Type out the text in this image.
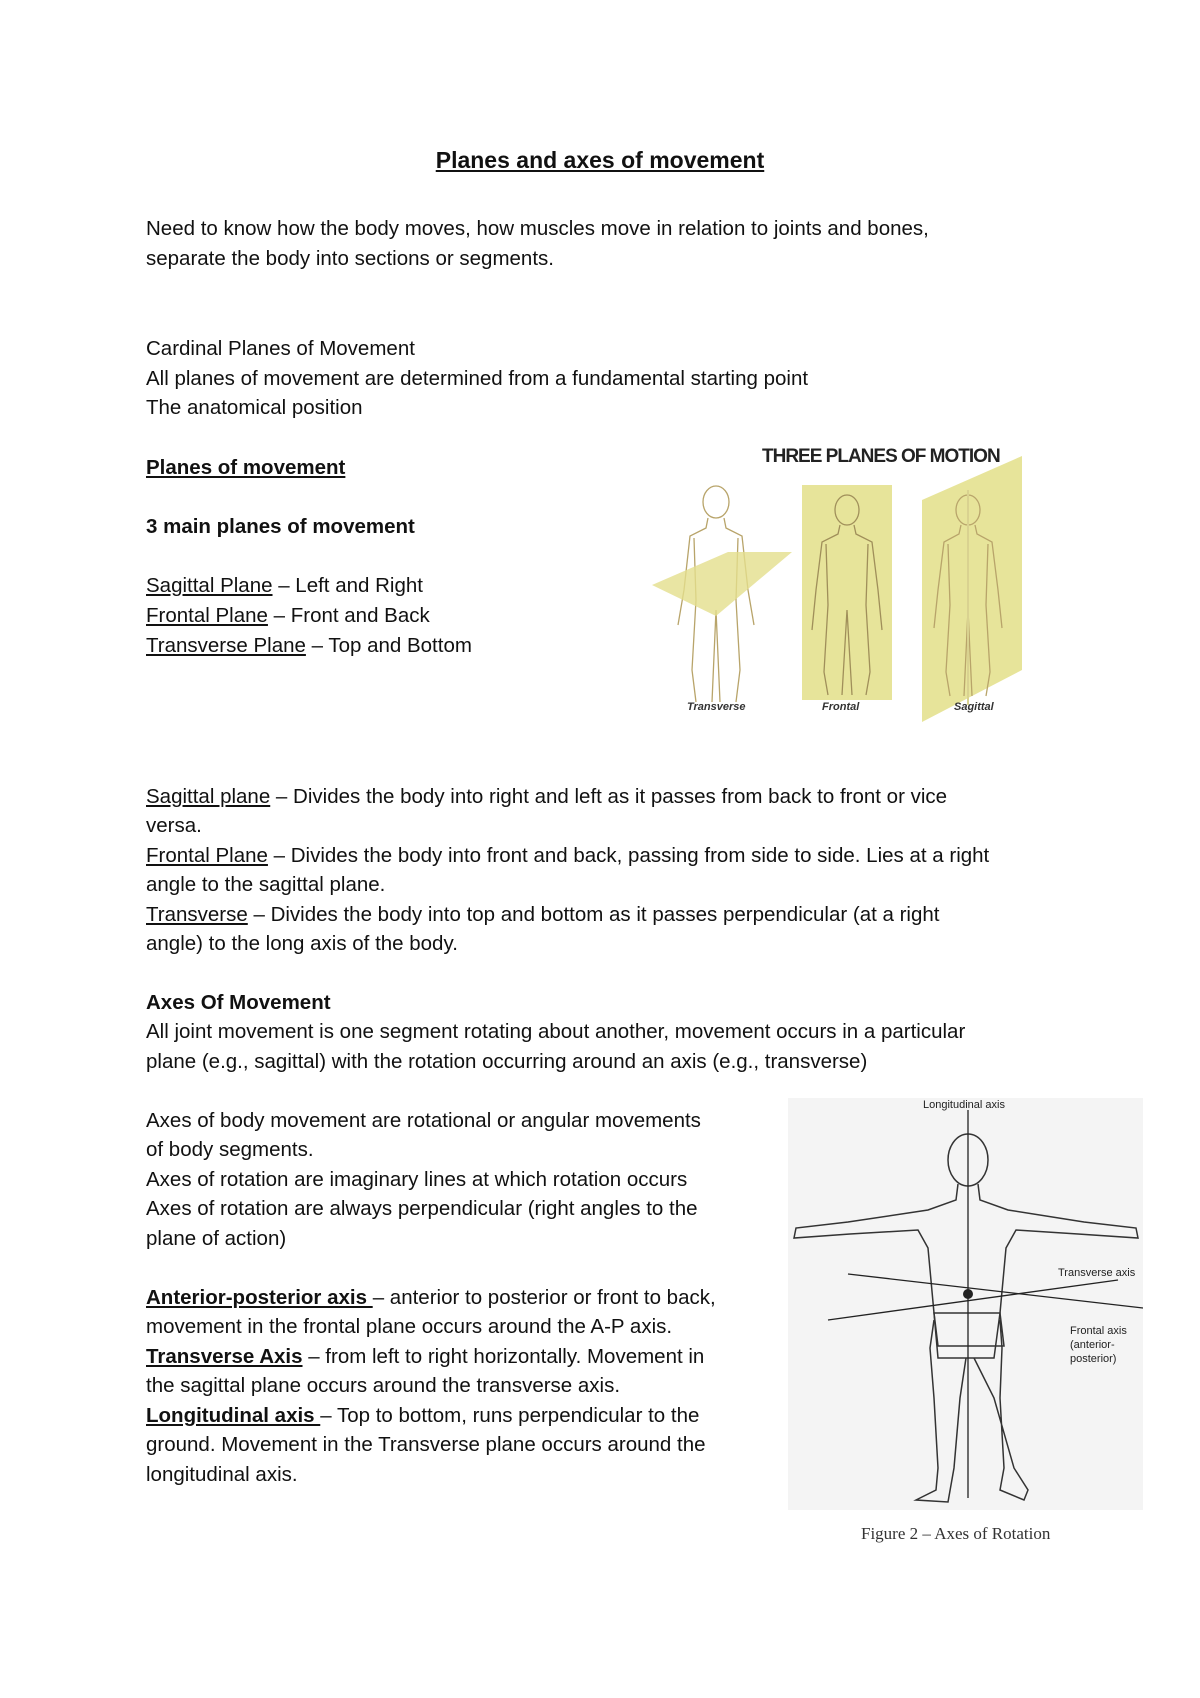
Planes and axes of movement
Need to know how the body moves, how muscles move in relation to joints and bones,
separate the body into sections or segments.
Cardinal Planes of Movement
All planes of movement are determined from a fundamental starting point
The anatomical position
Planes of movement
3 main planes of movement
Sagittal Plane – Left and Right
Frontal Plane – Front and Back
Transverse Plane – Top and Bottom
THREE PLANES OF MOTION
Transverse	Frontal	Sagittal
Sagittal plane – Divides the body into right and left as it passes from back to front or vice
versa.
Frontal Plane – Divides the body into front and back, passing from side to side. Lies at a right
angle to the sagittal plane.
Transverse – Divides the body into top and bottom as it passes perpendicular (at a right
angle) to the long axis of the body.
Axes Of Movement
All joint movement is one segment rotating about another, movement occurs in a particular
plane (e.g., sagittal) with the rotation occurring around an axis (e.g., transverse)
Axes of body movement are rotational or angular movements
of body segments.
Axes of rotation are imaginary lines at which rotation occurs
Axes of rotation are always perpendicular (right angles to the
plane of action)
Anterior-posterior axis – anterior to posterior or front to back,
movement in the frontal plane occurs around the A-P axis.
Transverse Axis – from left to right horizontally. Movement in
the sagittal plane occurs around the transverse axis.
Longitudinal axis – Top to bottom, runs perpendicular to the
ground. Movement in the Transverse plane occurs around the
longitudinal axis.
Longitudinal axis
Transverse axis
Frontal axis
(anterior-
posterior)
Figure 2 – Axes of Rotation
